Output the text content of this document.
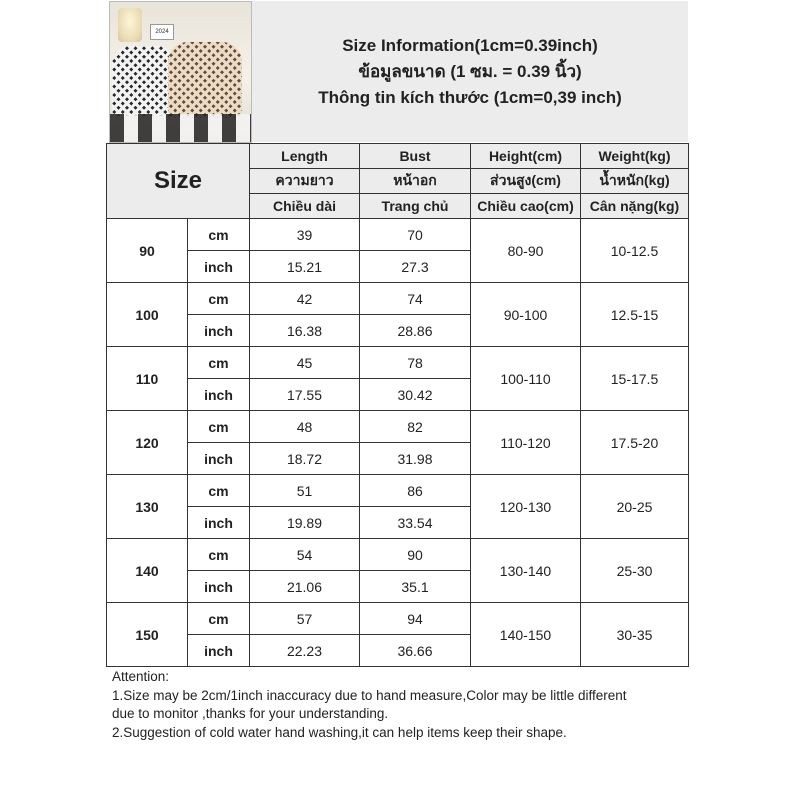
2024
Size Information(1cm=0.39inch)
ข้อมูลขนาด (1 ซม. = 0.39 นิ้ว)
Thông tin kích thước (1cm=0,39 inch)
Size		Length	Bust	Height(cm)	Weight(kg)
		ความยาว	หน้าอก	ส่วนสูง(cm)	น้ำหนัก(kg)
		Chiều dài	Trang chủ	Chiều cao(cm)	Cân nặng(kg)
90	cm	39	70	80-90	10-12.5
	inch	15.21	27.3		
100	cm	42	74	90-100	12.5-15
	inch	16.38	28.86		
110	cm	45	78	100-110	15-17.5
	inch	17.55	30.42		
120	cm	48	82	110-120	17.5-20
	inch	18.72	31.98		
130	cm	51	86	120-130	20-25
	inch	19.89	33.54		
140	cm	54	90	130-140	25-30
	inch	21.06	35.1		
150	cm	57	94	140-150	30-35
	inch	22.23	36.66		
Attention:
1.Size may be 2cm/1inch inaccuracy due to hand measure,Color may be little different
due to monitor ,thanks for your understanding.
2.Suggestion of cold water hand washing,it can help items keep their shape.
